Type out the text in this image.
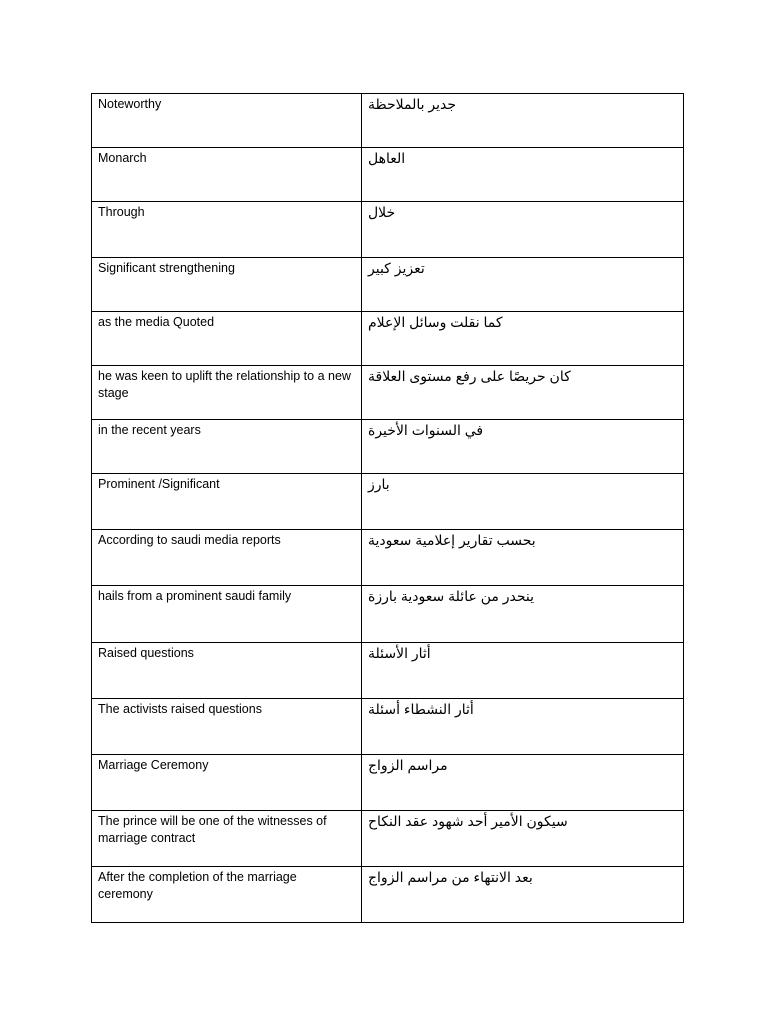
Noteworthy	جدير بالملاحظة

Monarch	العاهل

Through	خلال

Significant strengthening	تعزيز كبير

as the media Quoted	كما نقلت وسائل الإعلام

he was keen to uplift the relationship to a new stage	كان حريصًا على رفع مستوى العلاقة

in the recent years	في السنوات الأخيرة

Prominent /Significant	بارز

According to saudi media reports	بحسب تقارير إعلامية سعودية

hails from a prominent saudi family	ينحدر من عائلة سعودية بارزة

Raised questions	أثار الأسئلة

The activists raised questions	أثار النشطاء أسئلة

Marriage Ceremony	مراسم الزواج

The prince will be one of the witnesses of marriage contract	سيكون الأمير أحد شهود عقد النكاح

After the completion of the marriage ceremony	بعد الانتهاء من مراسم الزواج
